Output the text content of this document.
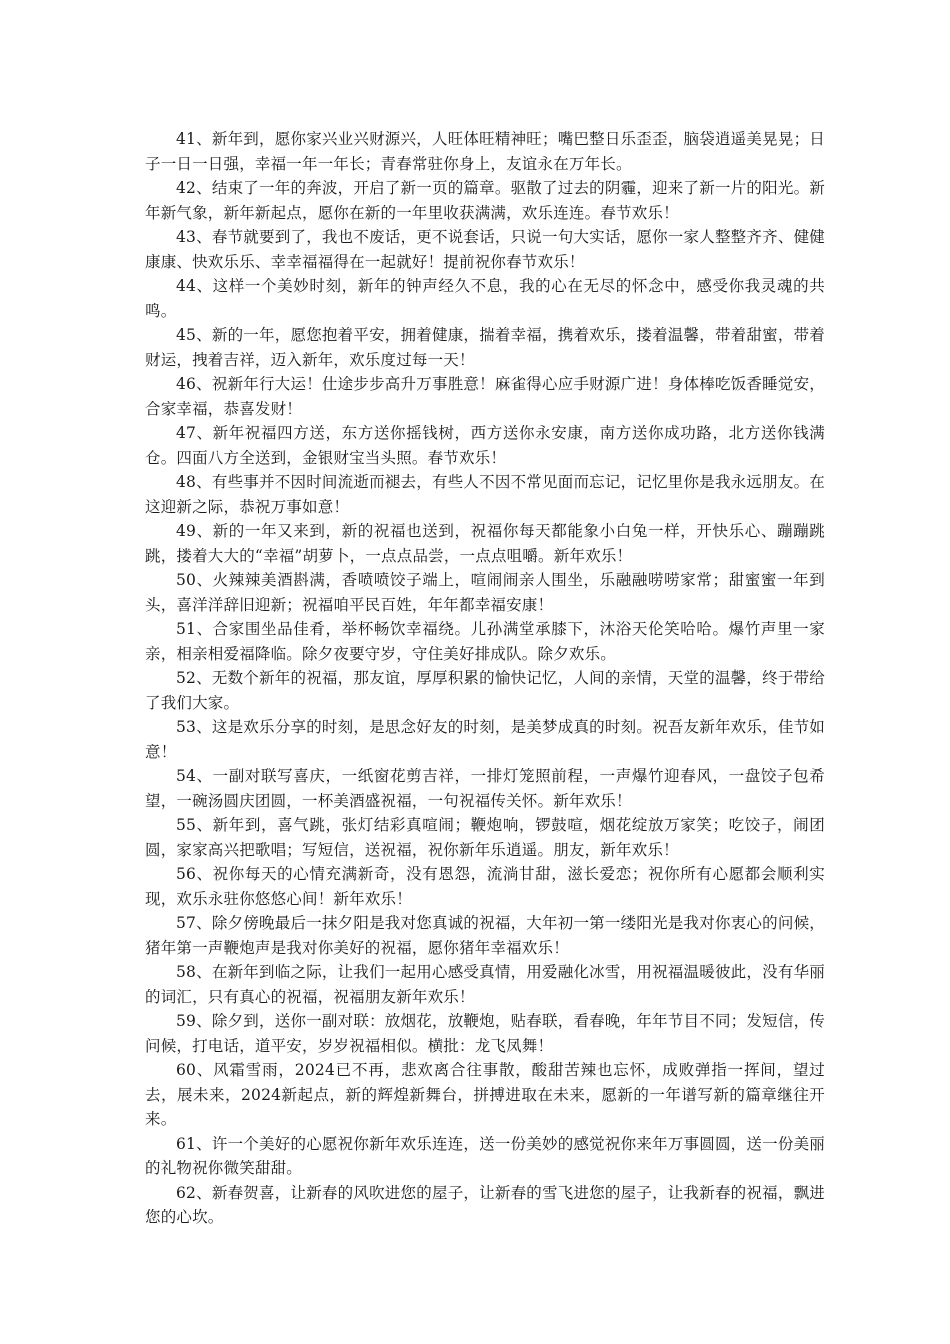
41、新年到，愿你家兴业兴财源兴，人旺体旺精神旺；嘴巴整日乐歪歪，脑袋逍遥美晃晃；日子一日一日强，幸福一年一年长；青春常驻你身上，友谊永在万年长。

42、结束了一年的奔波，开启了新一页的篇章。驱散了过去的阴霾，迎来了新一片的阳光。新年新气象，新年新起点，愿你在新的一年里收获满满，欢乐连连。春节欢乐！

43、春节就要到了，我也不废话，更不说套话，只说一句大实话，愿你一家人整整齐齐、健健康康、快欢乐乐、幸幸福福得在一起就好！提前祝你春节欢乐！

44、这样一个美妙时刻，新年的钟声经久不息，我的心在无尽的怀念中，感受你我灵魂的共鸣。

45、新的一年，愿您抱着平安，拥着健康，揣着幸福，携着欢乐，搂着温馨，带着甜蜜，带着财运，拽着吉祥，迈入新年，欢乐度过每一天！

46、祝新年行大运！仕途步步高升万事胜意！麻雀得心应手财源广进！身体棒吃饭香睡觉安，合家幸福，恭喜发财！

47、新年祝福四方送，东方送你摇钱树，西方送你永安康，南方送你成功路，北方送你钱满仓。四面八方全送到，金银财宝当头照。春节欢乐！

48、有些事并不因时间流逝而褪去，有些人不因不常见面而忘记，记忆里你是我永远朋友。在这迎新之际，恭祝万事如意！

49、新的一年又来到，新的祝福也送到，祝福你每天都能象小白兔一样，开快乐心、蹦蹦跳跳，搂着大大的“幸福”胡萝卜，一点点品尝，一点点咀嚼。新年欢乐！

50、火辣辣美酒斟满，香喷喷饺子端上，喧闹闹亲人围坐，乐融融唠唠家常；甜蜜蜜一年到头，喜洋洋辞旧迎新；祝福咱平民百姓，年年都幸福安康！

51、合家围坐品佳肴，举杯畅饮幸福绕。儿孙满堂承膝下，沐浴天伦笑哈哈。爆竹声里一家亲，相亲相爱福降临。除夕夜要守岁，守住美好排成队。除夕欢乐。

52、无数个新年的祝福，那友谊，厚厚积累的愉快记忆，人间的亲情，天堂的温馨，终于带给了我们大家。

53、这是欢乐分享的时刻，是思念好友的时刻，是美梦成真的时刻。祝吾友新年欢乐，佳节如意！

54、一副对联写喜庆，一纸窗花剪吉祥，一排灯笼照前程，一声爆竹迎春风，一盘饺子包希望，一碗汤圆庆团圆，一杯美酒盛祝福，一句祝福传关怀。新年欢乐！

55、新年到，喜气跳，张灯结彩真喧闹；鞭炮响，锣鼓喧，烟花绽放万家笑；吃饺子，闹团圆，家家高兴把歌唱；写短信，送祝福，祝你新年乐逍遥。朋友，新年欢乐！

56、祝你每天的心情充满新奇，没有恩怨，流淌甘甜，滋长爱恋；祝你所有心愿都会顺利实现，欢乐永驻你悠悠心间！新年欢乐！

57、除夕傍晚最后一抹夕阳是我对您真诚的祝福，大年初一第一缕阳光是我对你衷心的问候，猪年第一声鞭炮声是我对你美好的祝福，愿你猪年幸福欢乐！

58、在新年到临之际，让我们一起用心感受真情，用爱融化冰雪，用祝福温暖彼此，没有华丽的词汇，只有真心的祝福，祝福朋友新年欢乐！

59、除夕到，送你一副对联：放烟花，放鞭炮，贴春联，看春晚，年年节目不同；发短信，传问候，打电话，道平安，岁岁祝福相似。横批：龙飞凤舞！

60、风霜雪雨，2024已不再，悲欢离合往事散，酸甜苦辣也忘怀，成败弹指一挥间，望过去，展未来，2024新起点，新的辉煌新舞台，拼搏进取在未来，愿新的一年谱写新的篇章继往开来。

61、许一个美好的心愿祝你新年欢乐连连，送一份美妙的感觉祝你来年万事圆圆，送一份美丽的礼物祝你微笑甜甜。

62、新春贺喜，让新春的风吹进您的屋子，让新春的雪飞进您的屋子，让我新春的祝福，飘进您的心坎。
